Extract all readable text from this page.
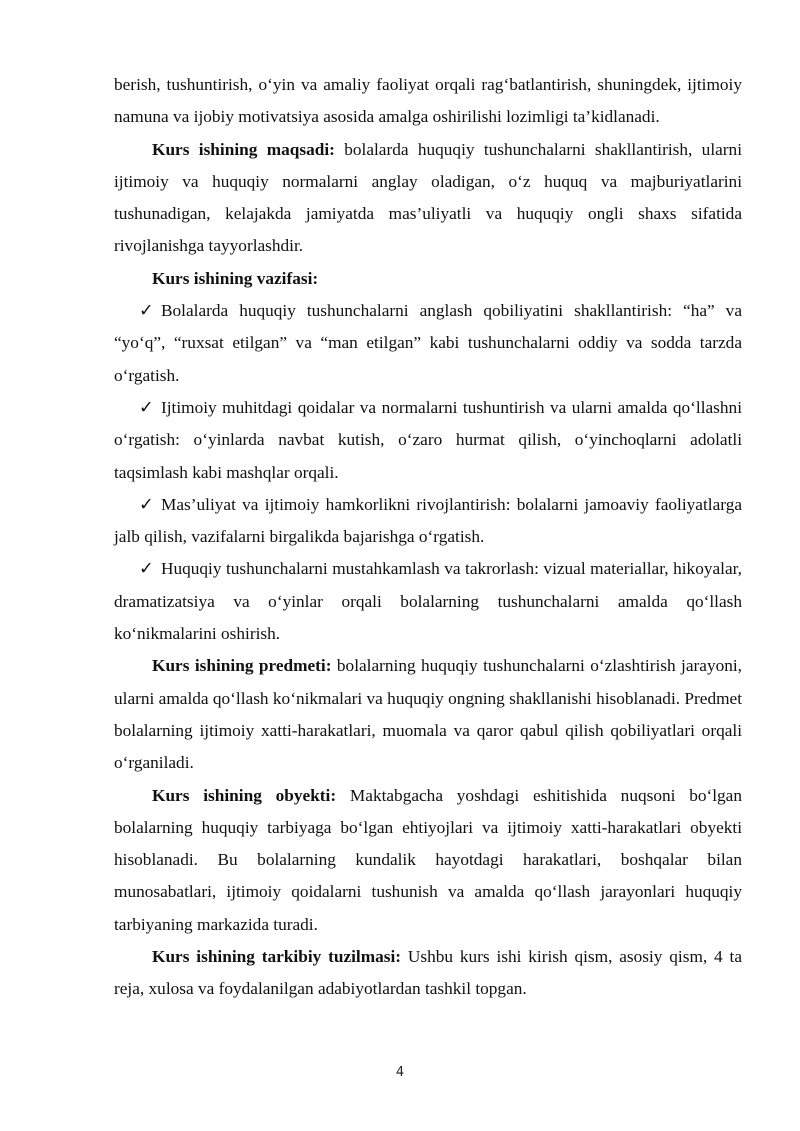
berish, tushuntirish, o‘yin va amaliy faoliyat orqali rag‘batlantirish, shuningdek, ijtimoiy namuna va ijobiy motivatsiya asosida amalga oshirilishi lozimligi ta’kidlanadi.

Kurs ishining maqsadi: bolalarda huquqiy tushunchalarni shakllantirish, ularni ijtimoiy va huquqiy normalarni anglay oladigan, o‘z huquq va majburiyatlarini tushunadigan, kelajakda jamiyatda mas’uliyatli va huquqiy ongli shaxs sifatida rivojlanishga tayyorlashdir.

Kurs ishining vazifasi:

✓ Bolalarda huquqiy tushunchalarni anglash qobiliyatini shakllantirish: “ha” va “yo‘q”, “ruxsat etilgan” va “man etilgan” kabi tushunchalarni oddiy va sodda tarzda o‘rgatish.

✓ Ijtimoiy muhitdagi qoidalar va normalarni tushuntirish va ularni amalda qo‘llashni o‘rgatish: o‘yinlarda navbat kutish, o‘zaro hurmat qilish, o‘yinchoqlarni adolatli taqsimlash kabi mashqlar orqali.

✓ Mas’uliyat va ijtimoiy hamkorlikni rivojlantirish: bolalarni jamoaviy faoliyatlarga jalb qilish, vazifalarni birgalikda bajarishga o‘rgatish.

✓ Huquqiy tushunchalarni mustahkamlash va takrorlash: vizual materiallar, hikoyalar, dramatizatsiya va o‘yinlar orqali bolalarning tushunchalarni amalda qo‘llash ko‘nikmalarini oshirish.

Kurs ishining predmeti: bolalarning huquqiy tushunchalarni o‘zlashtirish jarayoni, ularni amalda qo‘llash ko‘nikmalari va huquqiy ongning shakllanishi hisoblanadi. Predmet bolalarning ijtimoiy xatti-harakatlari, muomala va qaror qabul qilish qobiliyatlari orqali o‘rganiladi.

Kurs ishining obyekti: Maktabgacha yoshdagi eshitishida nuqsoni bo‘lgan bolalarning huquqiy tarbiyaga bo‘lgan ehtiyojlari va ijtimoiy xatti-harakatlari obyekti hisoblanadi. Bu bolalarning kundalik hayotdagi harakatlari, boshqalar bilan munosabatlari, ijtimoiy qoidalarni tushunish va amalda qo‘llash jarayonlari huquqiy tarbiyaning markazida turadi.

Kurs ishining tarkibiy tuzilmasi: Ushbu kurs ishi kirish qism, asosiy qism, 4 ta reja, xulosa va foydalanilgan adabiyotlardan tashkil topgan.

4
